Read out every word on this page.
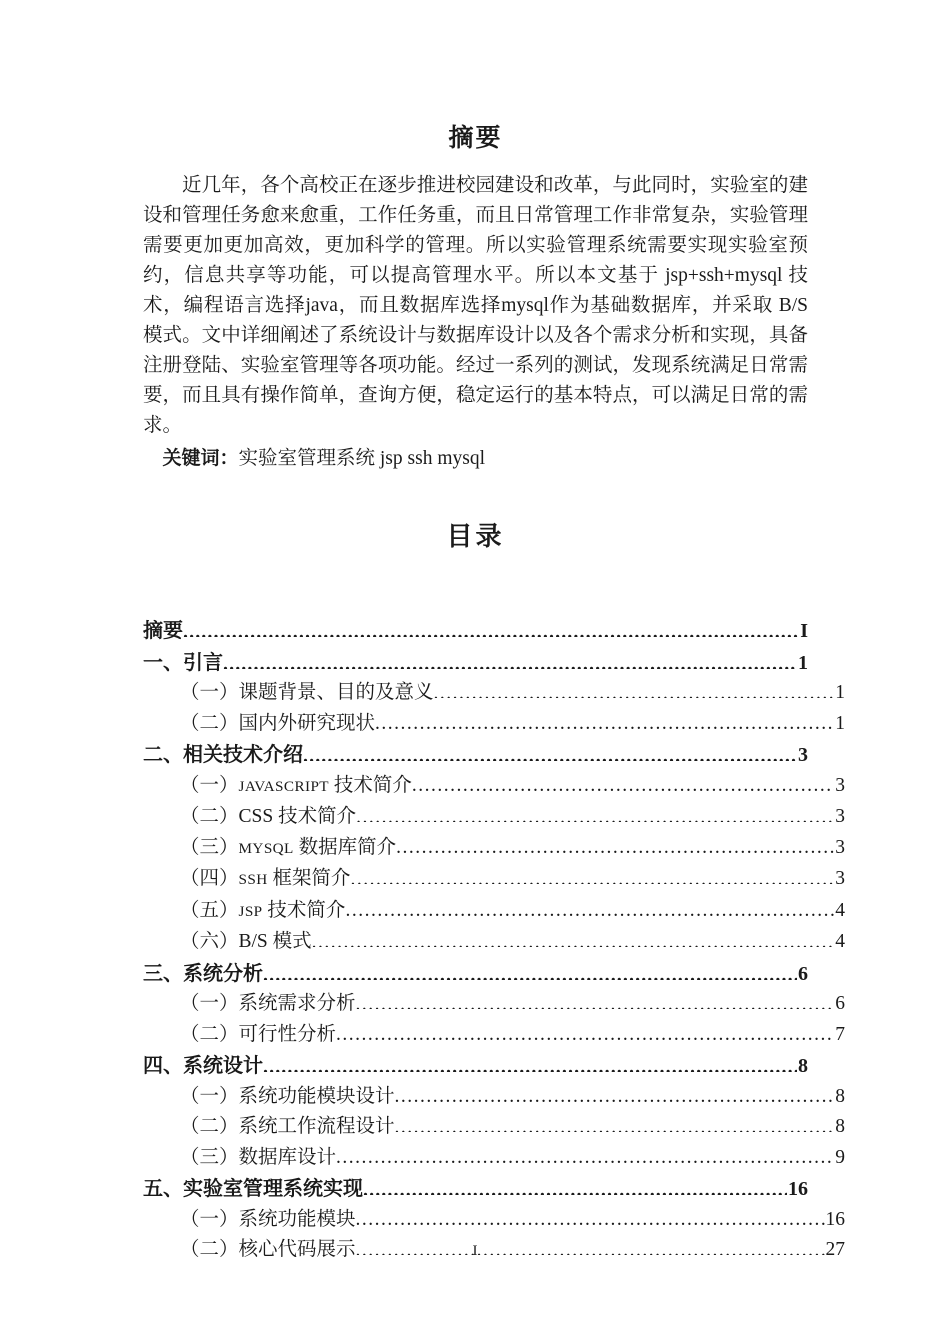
摘要

近几年，各个高校正在逐步推进校园建设和改革，与此同时，实验室的建设和管理任务愈来愈重，工作任务重，而且日常管理工作非常复杂，实验管理需要更加更加高效，更加科学的管理。所以实验管理系统需要实现实验室预约，信息共享等功能，可以提高管理水平。所以本文基于 jsp+ssh+mysql 技术，编程语言选择java，而且数据库选择mysql作为基础数据库，并采取 B/S 模式。文中详细阐述了系统设计与数据库设计以及各个需求分析和实现，具备注册登陆、实验室管理等各项功能。经过一系列的测试，发现系统满足日常需要，而且具有操作简单，查询方便，稳定运行的基本特点，可以满足日常的需求。

关键词：实验室管理系统 jsp ssh mysql

目录
摘要 .....	I
一、引言 .....	1
（一）课题背景、目的及意义 .....	1
（二）国内外研究现状 .....	1
二、相关技术介绍 .....	3
（一）JAVASCRIPT 技术简介 .....	3
（二）CSS 技术简介 .....	3
（三）MYSQL 数据库简介 .....	3
（四）SSH 框架简介 .....	3
（五）JSP 技术简介 .....	4
（六）B/S 模式 .....	4
三、系统分析 .....	6
（一）系统需求分析 .....	6
（二）可行性分析 .....	7
四、系统设计 .....	8
（一）系统功能模块设计 .....	8
（二）系统工作流程设计 .....	8
（三）数据库设计 .....	9
五、实验室管理系统实现 .....	16
（一）系统功能模块 .....	16
（二）核心代码展示 .....	27
I
